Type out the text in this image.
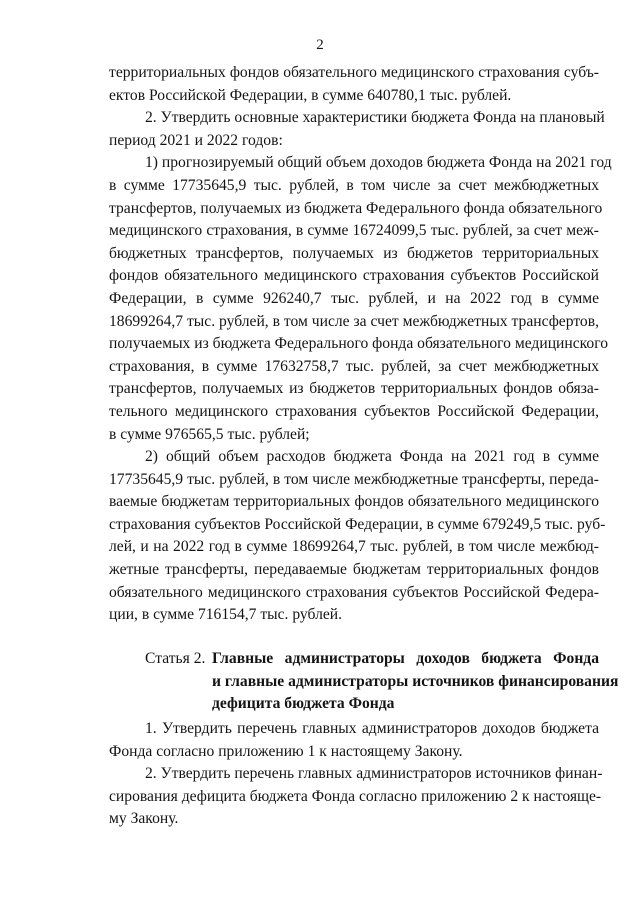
2
территориальных фондов обязательного медицинского страхования субъ-
ектов Российской Федерации, в сумме 640780,1 тыс. рублей.
2. Утвердить основные характеристики бюджета Фонда на плановый
период 2021 и 2022 годов:
1) прогнозируемый общий объем доходов бюджета Фонда на 2021 год
в сумме 17735645,9 тыс. рублей, в том числе за счет межбюджетных
трансфертов, получаемых из бюджета Федерального фонда обязательного
медицинского страхования, в сумме 16724099,5 тыс. рублей, за счет меж-
бюджетных трансфертов, получаемых из бюджетов территориальных
фондов обязательного медицинского страхования субъектов Российской
Федерации, в сумме 926240,7 тыс. рублей, и на 2022 год в сумме
18699264,7 тыс. рублей, в том числе за счет межбюджетных трансфертов,
получаемых из бюджета Федерального фонда обязательного медицинского
страхования, в сумме 17632758,7 тыс. рублей, за счет межбюджетных
трансфертов, получаемых из бюджетов территориальных фондов обяза-
тельного медицинского страхования субъектов Российской Федерации,
в сумме 976565,5 тыс. рублей;
2) общий объем расходов бюджета Фонда на 2021 год в сумме
17735645,9 тыс. рублей, в том числе межбюджетные трансферты, переда-
ваемые бюджетам территориальных фондов обязательного медицинского
страхования субъектов Российской Федерации, в сумме 679249,5 тыс. руб-
лей, и на 2022 год в сумме 18699264,7 тыс. рублей, в том числе межбюд-
жетные трансферты, передаваемые бюджетам территориальных фондов
обязательного медицинского страхования субъектов Российской Федера-
ции, в сумме 716154,7 тыс. рублей.
Статья 2. Главные администраторы доходов бюджета Фонда
и главные администраторы источников финансирования
дефицита бюджета Фонда
1. Утвердить перечень главных администраторов доходов бюджета
Фонда согласно приложению 1 к настоящему Закону.
2. Утвердить перечень главных администраторов источников финан-
сирования дефицита бюджета Фонда согласно приложению 2 к настояще-
му Закону.
